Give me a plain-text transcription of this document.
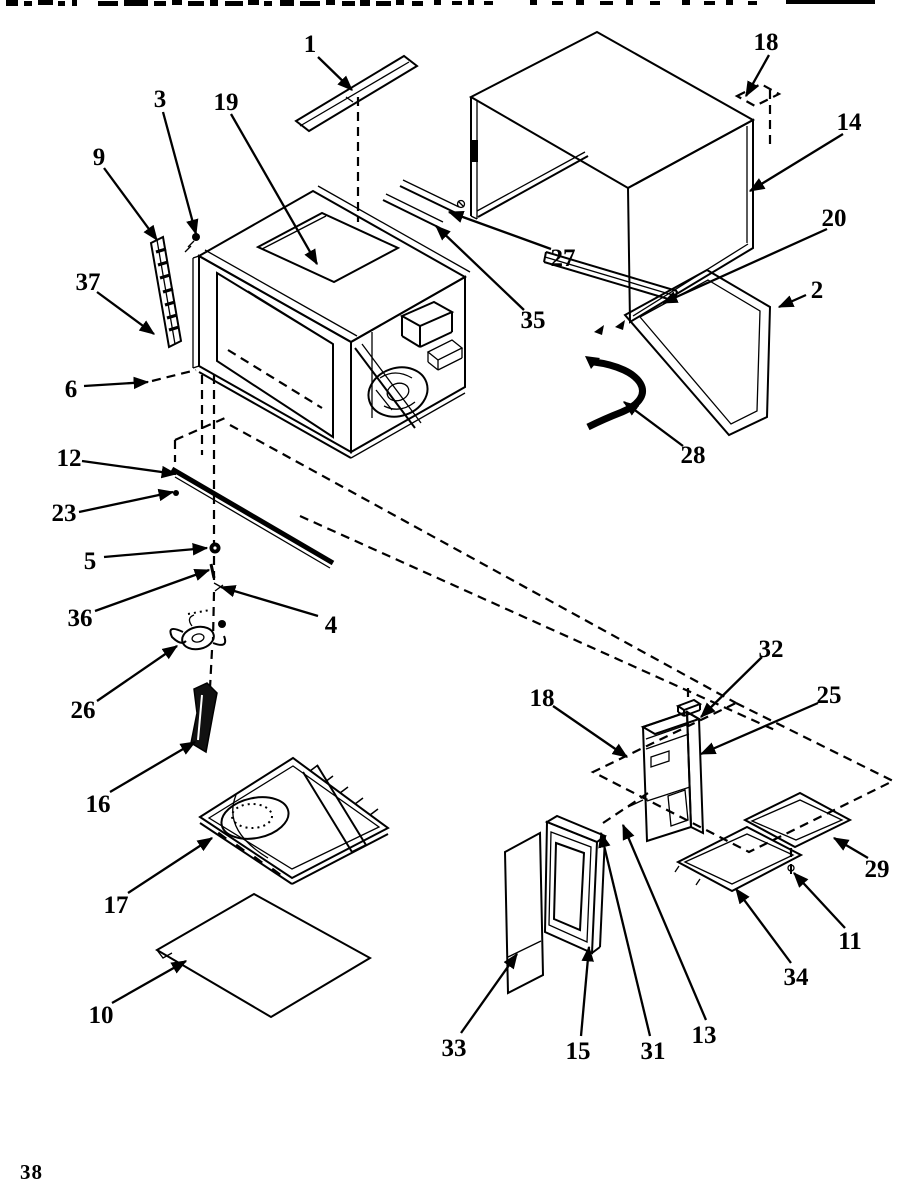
1	18
3 19
14
9
20
27
37	2
35
6
12	28
23
5
36	4
26
32
18	25
16
29
17
11
34
10
33	15 31
13
38
